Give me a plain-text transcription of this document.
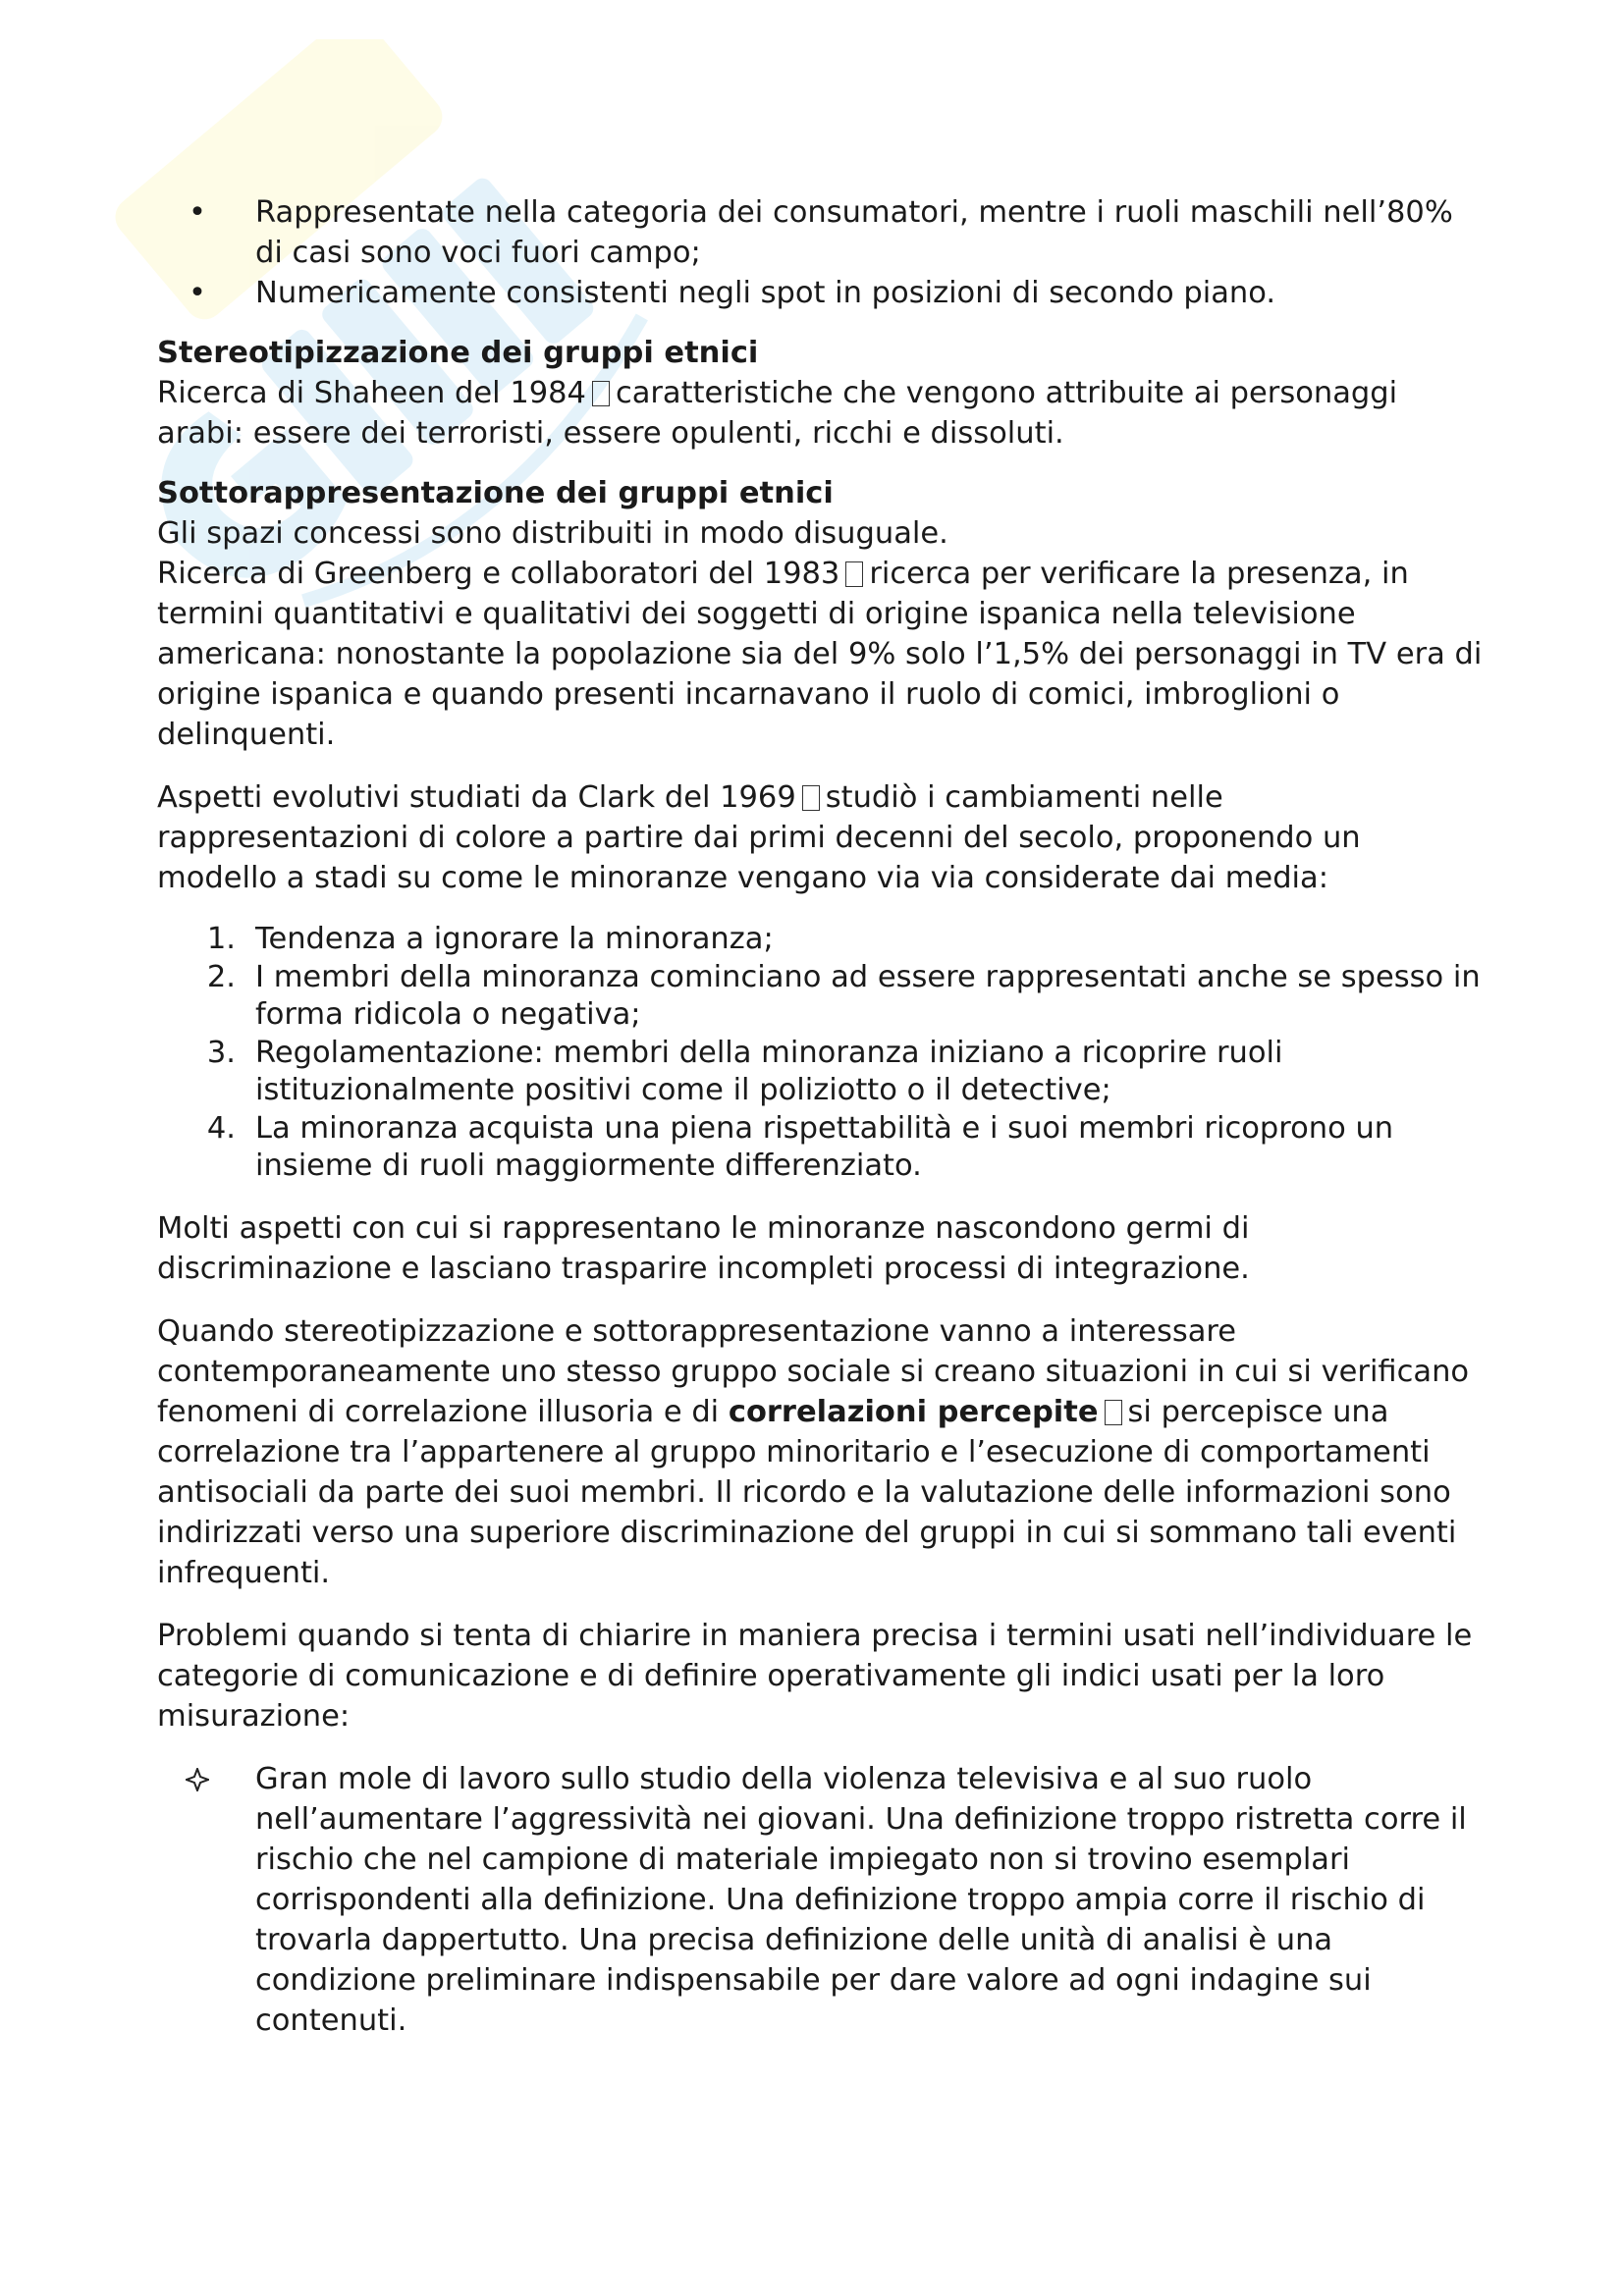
•	Rappresentate nella categoria dei consumatori, mentre i ruoli maschili nell’80% di casi sono voci fuori campo;
•	Numericamente consistenti negli spot in posizioni di secondo piano.

Stereotipizzazione dei gruppi etnici

Ricerca di Shaheen del 1984 caratteristiche che vengono attribuite ai personaggi arabi: essere dei terroristi, essere opulenti, ricchi e dissoluti.

Sottorappresentazione dei gruppi etnici

Gli spazi concessi sono distribuiti in modo disuguale.

Ricerca di Greenberg e collaboratori del 1983 ricerca per verificare la presenza, in termini quantitativi e qualitativi dei soggetti di origine ispanica nella televisione americana: nonostante la popolazione sia del 9% solo l’1,5% dei personaggi in TV era di origine ispanica e quando presenti incarnavano il ruolo di comici, imbroglioni o delinquenti.

Aspetti evolutivi studiati da Clark del 1969 studiò i cambiamenti nelle rappresentazioni di colore a partire dai primi decenni del secolo, proponendo un modello a stadi su come le minoranze vengano via via considerate dai media:

1. Tendenza a ignorare la minoranza;
2. I membri della minoranza cominciano ad essere rappresentati anche se spesso in forma ridicola o negativa;
3. Regolamentazione: membri della minoranza iniziano a ricoprire ruoli istituzionalmente positivi come il poliziotto o il detective;
4. La minoranza acquista una piena rispettabilità e i suoi membri ricoprono un insieme di ruoli maggiormente differenziato.

Molti aspetti con cui si rappresentano le minoranze nascondono germi di discriminazione e lasciano trasparire incompleti processi di integrazione.

Quando stereotipizzazione e sottorappresentazione vanno a interessare contemporaneamente uno stesso gruppo sociale si creano situazioni in cui si verificano fenomeni di correlazione illusoria e di correlazioni percepite si percepisce una correlazione tra l’appartenere al gruppo minoritario e l’esecuzione di comportamenti antisociali da parte dei suoi membri. Il ricordo e la valutazione delle informazioni sono indirizzati verso una superiore discriminazione del gruppi in cui si sommano tali eventi infrequenti.

Problemi quando si tenta di chiarire in maniera precisa i termini usati nell’individuare le categorie di comunicazione e di definire operativamente gli indici usati per la loro misurazione:

Gran mole di lavoro sullo studio della violenza televisiva e al suo ruolo nell’aumentare l’aggressività nei giovani. Una definizione troppo ristretta corre il rischio che nel campione di materiale impiegato non si trovino esemplari corrispondenti alla definizione. Una definizione troppo ampia corre il rischio di trovarla dappertutto. Una precisa definizione delle unità di analisi è una condizione preliminare indispensabile per dare valore ad ogni indagine sui contenuti.
